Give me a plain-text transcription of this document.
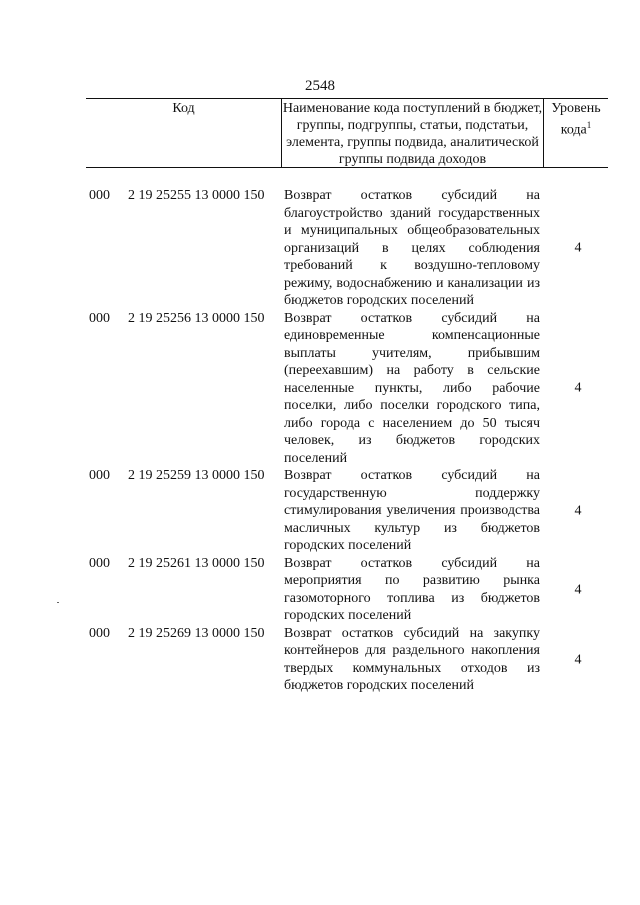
2548
Код	Наименование кода поступлений в бюджет, группы, подгруппы, статьи, подстатьи, элемента, группы подвида, аналитической группы подвида доходов
Уровень кода$^1$
000 2 19 25255 13 0000 150 Возврат остатков субсидий на благоустройство зданий государственных и муниципальных общеобразовательных организаций в целях соблюдения требований к воздушно-тепловому режиму, водоснабжению и канализации из бюджетов городских поселений
4
000 2 19 25256 13 0000 150 Возврат остатков субсидий на единовременные компенсационные выплаты учителям, прибывшим (переехавшим) на работу в сельские населенные пункты, либо рабочие поселки, либо поселки городского типа, либо города с населением до 50 тысяч человек, из бюджетов городских поселений
4
000 2 19 25259 13 0000 150 Возврат остатков субсидий на государственную поддержку стимулирования увеличения производства масличных культур из бюджетов городских поселений
4
000 2 19 25261 13 0000 150 Возврат остатков субсидий на мероприятия по развитию рынка газомоторного топлива из бюджетов городских поселений
4
000 2 19 25269 13 0000 150 Возврат остатков субсидий на закупку контейнеров для раздельного накопления твердых коммунальных отходов из бюджетов городских поселений
4
